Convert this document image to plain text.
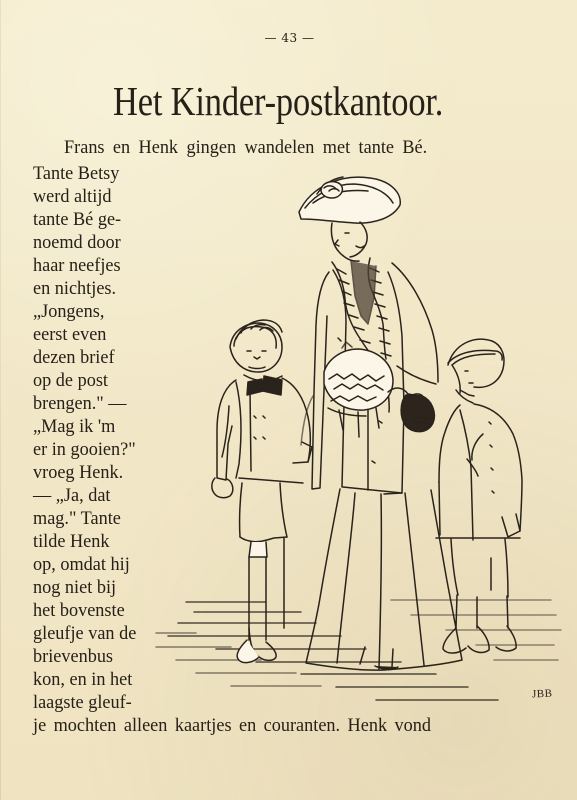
— 43 —
Het Kinder-postkantoor.
Frans en Henk gingen wandelen met tante Bé.
Tante Betsy
werd altijd
tante Bé ge-
noemd door
haar neefjes
en nichtjes.
„Jongens,
eerst even
dezen brief
op de post
brengen." —
„Mag ik 'm
er in gooien?"
vroeg Henk.
— „Ja, dat
mag." Tante
tilde Henk
op, omdat hij
nog niet bij
het bovenste
gleufje van de
brievenbus
kon, en in het
laagste gleuf-	JBB
je mochten alleen kaartjes en couranten. Henk vond
